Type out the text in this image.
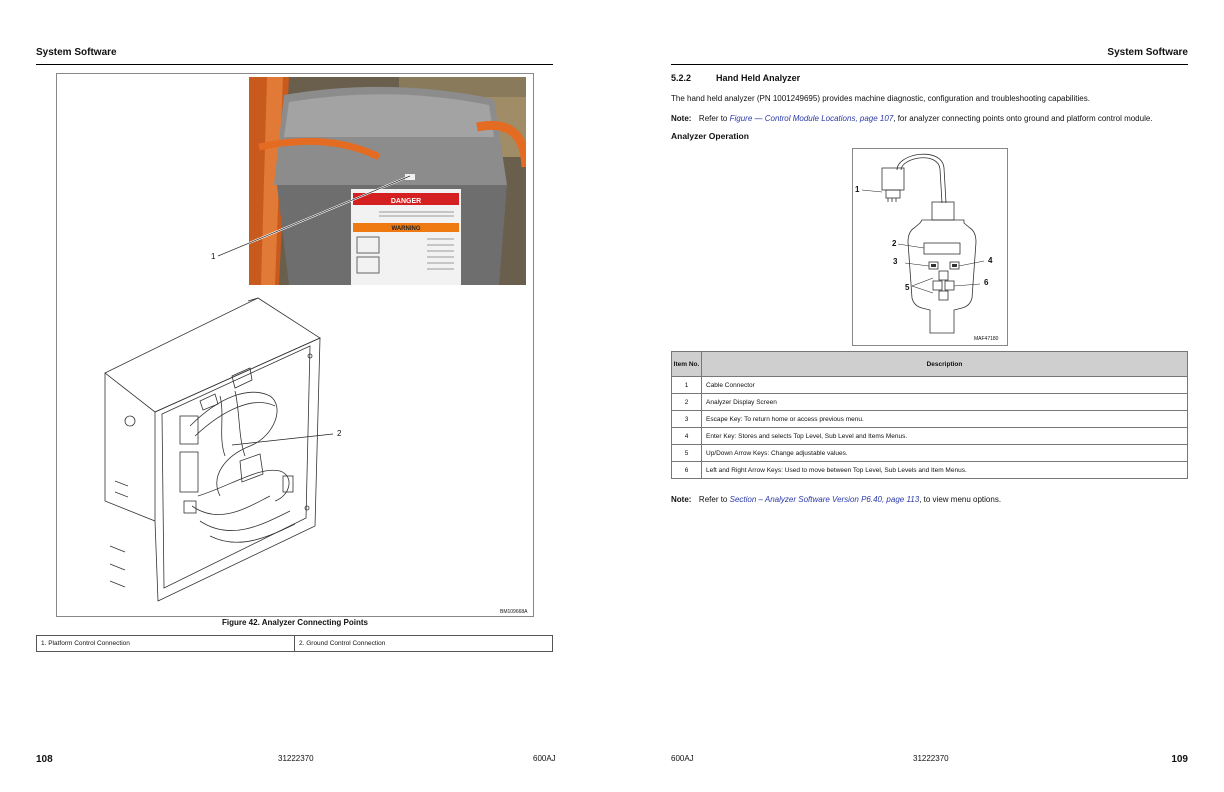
System Software
DANGER
WARNING
1
2
BM109668A
Figure 42. Analyzer Connecting Points
1. Platform Control Connection	2. Ground Control Connection
108	31222370	600AJ
System Software
5.2.2	Hand Held Analyzer
The hand held analyzer (PN 1001249695) provides machine diagnostic, configuration and troubleshooting capabilities.
Note: Refer to Figure — Control Module Locations, page 107, for analyzer connecting points onto ground and platform control module.
Analyzer Operation
1
2
3	4
5
6
MAF47180
Item No.	Description
1	Cable Connector
2	Analyzer Display Screen
3	Escape Key: To return home or access previous menu.
4	Enter Key: Stores and selects Top Level, Sub Level and Items Menus.
5	Up/Down Arrow Keys: Change adjustable values.
6	Left and Right Arrow Keys: Used to move between Top Level, Sub Levels and Item Menus.
Note: Refer to Section – Analyzer Software Version P6.40, page 113, to view menu options.
600AJ	31222370	109
